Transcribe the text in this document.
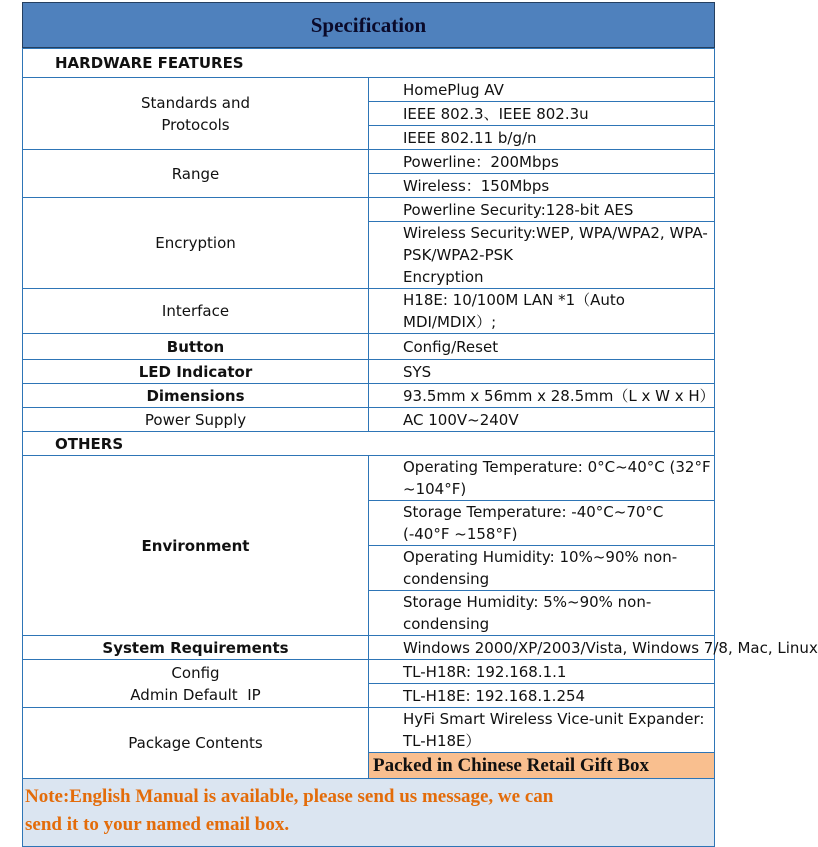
Specification
HARDWARE FEATURES	

Standards and
Protocols	HomePlug AV
	IEEE 802.3、IEEE 802.3u
	IEEE 802.11 b/g/n
Range	Powerline：200Mbps
	Wireless：150Mbps
Encryption	Powerline Security:128-bit AES

	Wireless Security:WEP, WPA/WPA2, WPA-PSK/WPA2-PSK
Encryption

Interface	H18E: 10/100M LAN *1（Auto MDI/MDIX）;
Button	Config/Reset
LED Indicator	SYS
Dimensions	93.5mm x 56mm x 28.5mm（L x W x H）
Power Supply	AC 100V~240V
OTHERS	
Environment	Operating Temperature: 0°C~40°C (32°F ~104°F)
	Storage Temperature: -40°C~70°C (-40°F ~158°F)
	Operating Humidity: 10%~90% non-condensing
	Storage Humidity: 5%~90% non-condensing
System Requirements	Windows 2000/XP/2003/Vista, Windows 7/8, Mac, Linux

Config
Admin Default  IP	TL-H18R: 192.168.1.1
	TL-H18E: 192.168.1.254
Package Contents	HyFi Smart Wireless Vice-unit Expander: TL-H18E）
	Packed in Chinese Retail Gift Box
Note:English Manual is available, please send us message, we can
send it to your named email box.
